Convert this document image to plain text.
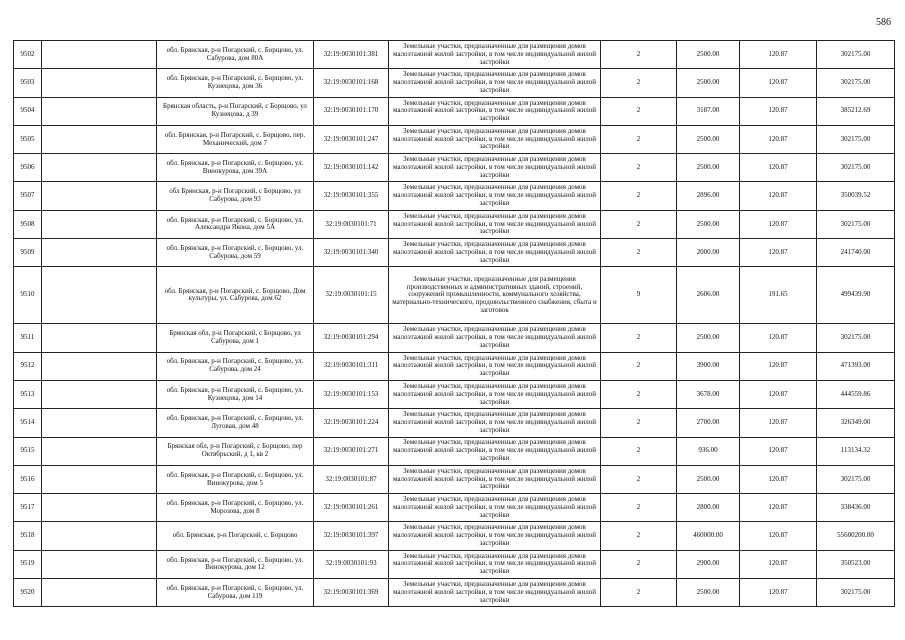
586
9502		обл. Брянская, р-н Погарский, с. Борщово, ул. Сабурова, дом 80А	32:19:0030101:381	Земельные участки, предназначенные для размещения домов малоэтажной жилой застройки, в том числе индивидуальной жилой застройки	2	2500.00	120.87	302175.00
9503		обл. Брянская, р-н Погарский, с. Борщово, ул. Кузнецова, дом 36	32:19:0030101:168	Земельные участки, предназначенные для размещения домов малоэтажной жилой застройки, в том числе индивидуальной жилой застройки	2	2500.00	120.87	302175.00
9504		Брянская область, р-н Погарский, с Борщово, ул Кузнецова, д 39	32:19:0030101:170	Земельные участки, предназначенные для размещения домов малоэтажной жилой застройки, в том числе индивидуальной жилой застройки	2	3187.00	120.87	385212.69
9505		обл. Брянская, р-н Погарский, с. Борщово, пер. Механический, дом 7	32:19:0030101:247	Земельные участки, предназначенные для размещения домов малоэтажной жилой застройки, в том числе индивидуальной жилой застройки	2	2500.00	120.87	302175.00
9506		обл. Брянская, р-н Погарский, с. Борщово, ул. Винокурова, дом 39А	32:19:0030101:142	Земельные участки, предназначенные для размещения домов малоэтажной жилой застройки, в том числе индивидуальной жилой застройки	2	2500.00	120.87	302175.00
9507		обл Брянская, р-н Погарский, с Борщово, ул Сабурова, дом 93	32:19:0030101:355	Земельные участки, предназначенные для размещения домов малоэтажной жилой застройки, в том числе индивидуальной жилой застройки	2	2896.00	120.87	350039.52
9508		обл. Брянская, р-н Погарский, с. Борщово, ул. Александра Якона, дом 5А	32:19:0030101:71	Земельные участки, предназначенные для размещения домов малоэтажной жилой застройки, в том числе индивидуальной жилой застройки	2	2500.00	120.87	302175.00
9509		обл. Брянская, р-н Погарский, с. Борщово, ул. Сабурова, дом 59	32:19:0030101:340	Земельные участки, предназначенные для размещения домов малоэтажной жилой застройки, в том числе индивидуальной жилой застройки	2	2000.00	120.87	241740.00
9510		обл. Брянская, р-н Погарский, с. Борщово, Дом культуры, ул. Сабурова, дом 62	32:19:0030101:15	Земельные участки, предназначенные для размещения производственных и административных зданий, строений, сооружений промышленности, коммунального хозяйства, материально-технического, продовольственного снабжения, сбыта и заготовок	9	2606.00	191.65	499439.90
9511		Брянская обл, р-н Погарский, с Борщово, ул Сабурова, дом 1	32:19:0030101:294	Земельные участки, предназначенные для размещения домов малоэтажной жилой застройки, в том числе индивидуальной жилой застройки	2	2500.00	120.87	302175.00
9512		обл. Брянская, р-н Погарский, с. Борщово, ул. Сабурова, дом 24	32:19:0030101:311	Земельные участки, предназначенные для размещения домов малоэтажной жилой застройки, в том числе индивидуальной жилой застройки	2	3900.00	120.87	471393.00
9513		обл. Брянская, р-н Погарский, с. Борщово, ул. Кузнецова, дом 14	32:19:0030101:153	Земельные участки, предназначенные для размещения домов малоэтажной жилой застройки, в том числе индивидуальной жилой застройки	2	3678.00	120.87	444559.86
9514		обл. Брянская, р-н Погарский, с. Борщово, ул. Луговая, дом 48	32:19:0030101:224	Земельные участки, предназначенные для размещения домов малоэтажной жилой застройки, в том числе индивидуальной жилой застройки	2	2700.00	120.87	326349.00
9515		Брянская обл, р-н Погарский, с Борщово, пер Октябрьский, д 1, кв 2	32:19:0030101:271	Земельные участки, предназначенные для размещения домов малоэтажной жилой застройки, в том числе индивидуальной жилой застройки	2	936.00	120.87	113134.32
9516		обл. Брянская, р-н Погарский, с. Борщово, ул. Винокурова, дом 5	32:19:0030101:87	Земельные участки, предназначенные для размещения домов малоэтажной жилой застройки, в том числе индивидуальной жилой застройки	2	2500.00	120.87	302175.00
9517		обл. Брянская, р-н Погарский, с. Борщово, ул. Морозова, дом 8	32:19:0030101:261	Земельные участки, предназначенные для размещения домов малоэтажной жилой застройки, в том числе индивидуальной жилой застройки	2	2800.00	120.87	338436.00
9518		обл. Брянская, р-н Погарский, с. Борщово	32:19:0030101:397	Земельные участки, предназначенные для размещения домов малоэтажной жилой застройки, в том числе индивидуальной жилой застройки	2	460000.00	120.87	55600200.00
9519		обл. Брянская, р-н Погарский, с. Борщово, ул. Винокурова, дом 12	32:19:0030101:93	Земельные участки, предназначенные для размещения домов малоэтажной жилой застройки, в том числе индивидуальной жилой застройки	2	2900.00	120.87	350523.00
9520		обл. Брянская, р-н Погарский, с. Борщово, ул. Сабурова, дом 119	32:19:0030101:369	Земельные участки, предназначенные для размещения домов малоэтажной жилой застройки, в том числе индивидуальной жилой застройки	2	2500.00	120.87	302175.00
